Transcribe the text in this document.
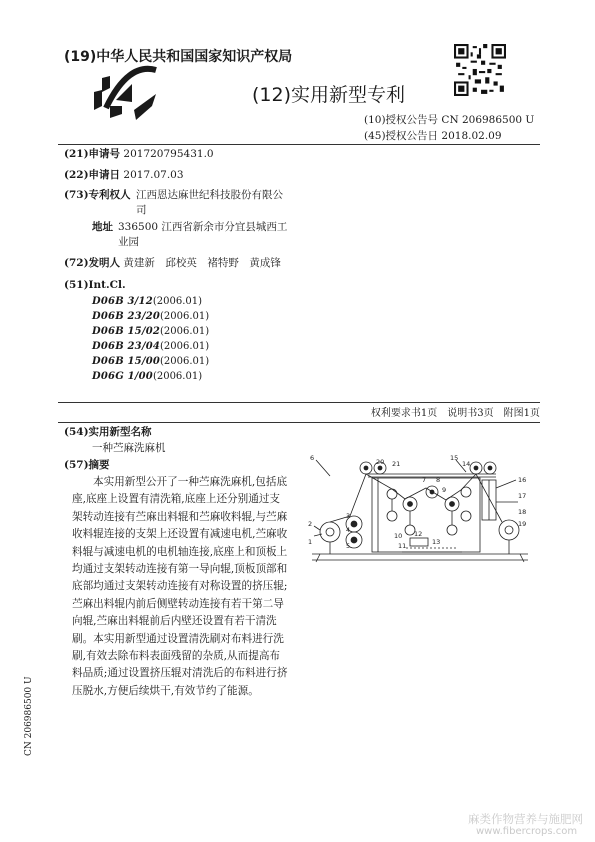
(19)中华人民共和国国家知识产权局
(12)实用新型专利
(10)授权公告号 CN 206986500 U
(45)授权公告日 2018.02.09
(21)申请号 201720795431.0
(22)申请日 2017.07.03
(73)专利权人 江西恩达麻世纪科技股份有限公
司
地址 336500 江西省新余市分宜县城西工
业园
(72)发明人 黄建新　邱校英　褚特野　黄成锋
(51)Int.Cl.
D06B 3/12(2006.01)
D06B 23/20(2006.01)
D06B 15/02(2006.01)
D06B 23/04(2006.01)
D06B 15/00(2006.01)
D06G 1/00(2006.01)
权利要求书1页　说明书3页　附图1页
(54)实用新型名称
一种苎麻洗麻机
(57)摘要
本实用新型公开了一种苎麻洗麻机,包括底
座,底座上设置有清洗箱,底座上还分别通过支
架转动连接有苎麻出料辊和苎麻收料辊,与苎麻
收料辊连接的支架上还设置有减速电机,苎麻收
料辊与减速电机的电机轴连接,底座上和顶板上
均通过支架转动连接有第一导向辊,顶板顶部和
底部均通过支架转动连接有对称设置的挤压辊;
苎麻出料辊内前后侧壁转动连接有若干第二导
向辊,苎麻出料辊前后内壁还设置有若干清洗
刷。本实用新型通过设置清洗刷对布料进行洗
刷,有效去除布料表面残留的杂质,从而提高布
料品质;通过设置挤压辊对清洗后的布料进行挤
压脱水,方便后续烘干,有效节约了能源。
6
2
3
4
5
1
7 8
9
10
11
12
13
14
15
16
17
18
19
20 21
CN 206986500 U
麻类作物营养与施肥网
www.fibercrops.com
